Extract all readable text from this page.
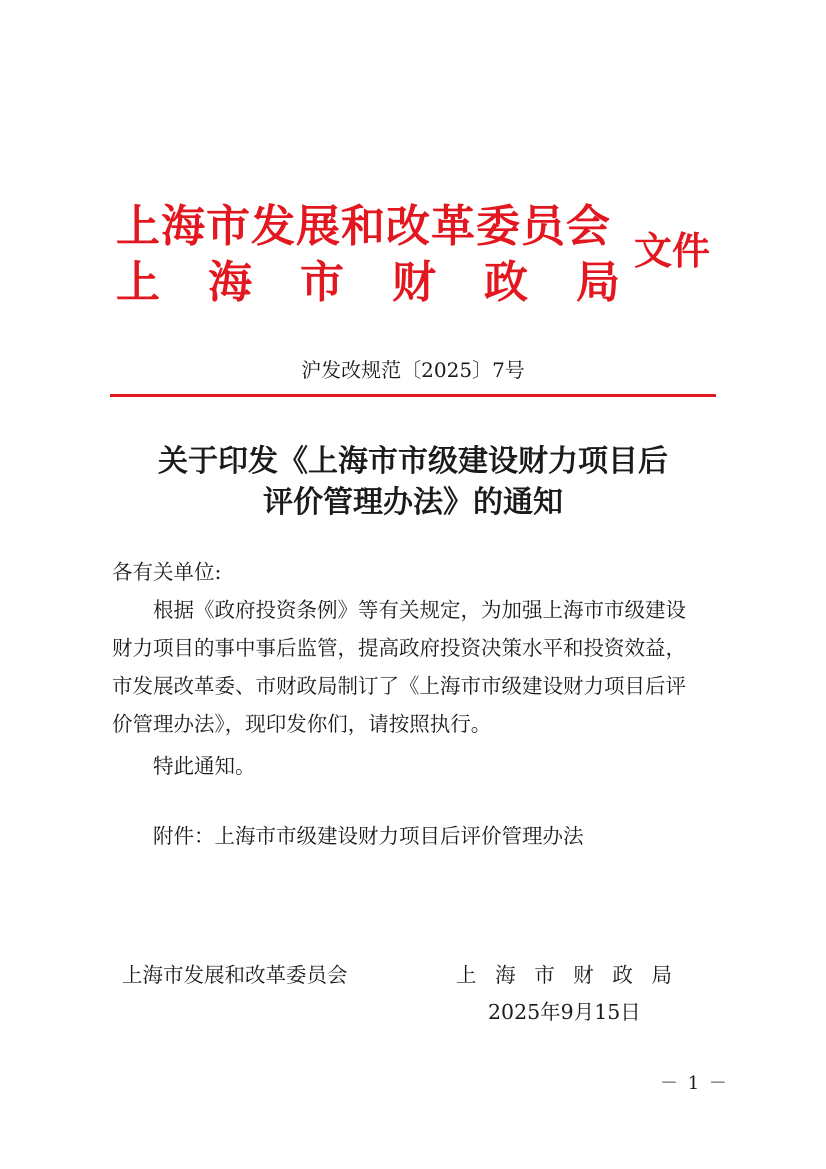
上海市发展和改革委员会
上 海 市 财 政 局
文件
沪发改规范〔2025〕7号
关于印发《上海市市级建设财力项目后
评价管理办法》的通知
各有关单位:
根据《政府投资条例》等有关规定，为加强上海市市级建设
财力项目的事中事后监管，提高政府投资决策水平和投资效益，
市发展改革委、市财政局制订了《上海市市级建设财力项目后评
价管理办法》，现印发你们，请按照执行。
特此通知。
附件：上海市市级建设财力项目后评价管理办法
上海市发展和改革委员会	上 海 市 财 政 局
2025年9月15日
－ 1 －
